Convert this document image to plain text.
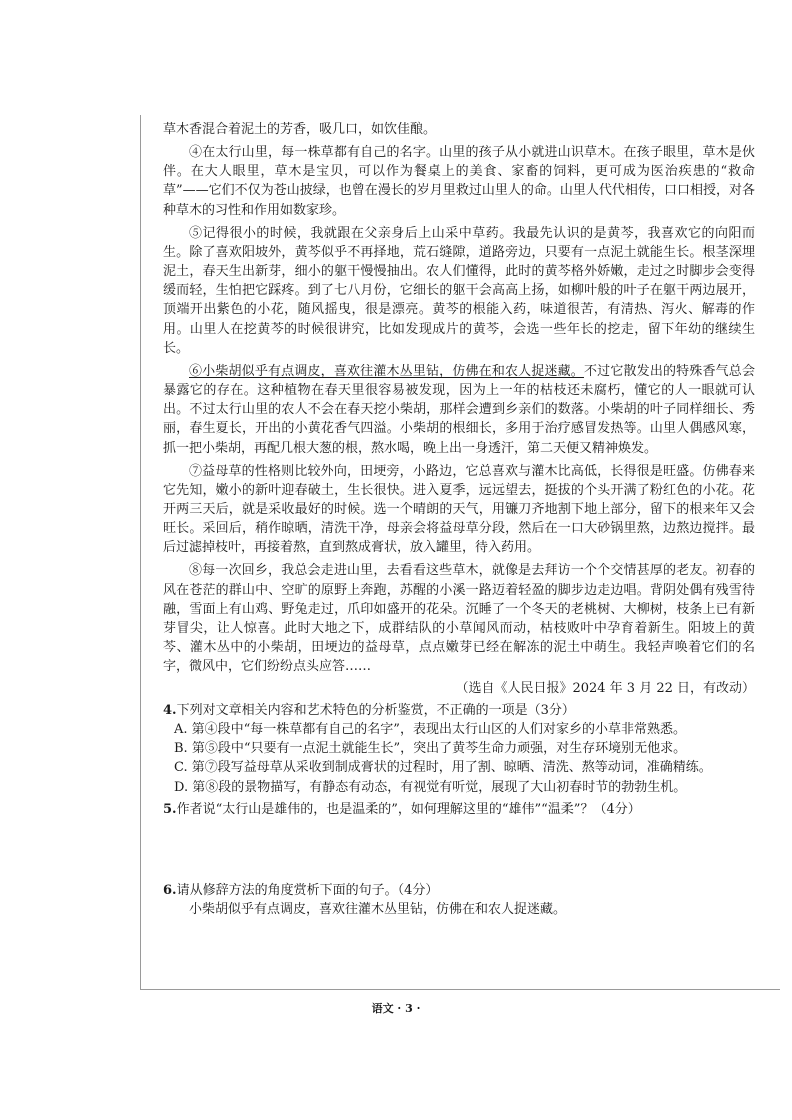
草木香混合着泥土的芳香，吸几口，如饮佳酿。

④在太行山里，每一株草都有自己的名字。山里的孩子从小就进山识草木。在孩子眼里，草木是伙伴。在大人眼里，草木是宝贝，可以作为餐桌上的美食、家畜的饲料，更可成为医治疾患的“救命草”——它们不仅为苍山披绿，也曾在漫长的岁月里救过山里人的命。山里人代代相传，口口相授，对各种草木的习性和作用如数家珍。

⑤记得很小的时候，我就跟在父亲身后上山采中草药。我最先认识的是黄芩，我喜欢它的向阳而生。除了喜欢阳坡外，黄芩似乎不再择地，荒石缝隙，道路旁边，只要有一点泥土就能生长。根茎深埋泥土，春天生出新芽，细小的躯干慢慢抽出。农人们懂得，此时的黄芩格外娇嫩，走过之时脚步会变得缓而轻，生怕把它踩疼。到了七八月份，它细长的躯干会高高上扬，如柳叶般的叶子在躯干两边展开，顶端开出紫色的小花，随风摇曳，很是漂亮。黄芩的根能入药，味道很苦，有清热、泻火、解毒的作用。山里人在挖黄芩的时候很讲究，比如发现成片的黄芩，会选一些年长的挖走，留下年幼的继续生长。

⑥小柴胡似乎有点调皮，喜欢往灌木丛里钻，仿佛在和农人捉迷藏。不过它散发出的特殊香气总会暴露它的存在。这种植物在春天里很容易被发现，因为上一年的枯枝还未腐朽，懂它的人一眼就可认出。不过太行山里的农人不会在春天挖小柴胡，那样会遭到乡亲们的数落。小柴胡的叶子同样细长、秀丽，春生夏长，开出的小黄花香气四溢。小柴胡的根细长，多用于治疗感冒发热等。山里人偶感风寒，抓一把小柴胡，再配几根大葱的根，熬水喝，晚上出一身透汗，第二天便又精神焕发。

⑦益母草的性格则比较外向，田埂旁，小路边，它总喜欢与灌木比高低，长得很是旺盛。仿佛春来它先知，嫩小的新叶迎春破土，生长很快。进入夏季，远远望去，挺拔的个头开满了粉红色的小花。花开两三天后，就是采收最好的时候。选一个晴朗的天气，用镰刀齐地割下地上部分，留下的根来年又会旺长。采回后，稍作晾晒，清洗干净，母亲会将益母草分段，然后在一口大砂锅里熬，边熬边搅拌。最后过滤掉枝叶，再接着熬，直到熬成膏状，放入罐里，待入药用。

⑧每一次回乡，我总会走进山里，去看看这些草木，就像是去拜访一个个交情甚厚的老友。初春的风在苍茫的群山中、空旷的原野上奔跑，苏醒的小溪一路迈着轻盈的脚步边走边唱。背阴处偶有残雪待融，雪面上有山鸡、野兔走过，爪印如盛开的花朵。沉睡了一个冬天的老桃树、大柳树，枝条上已有新芽冒尖，让人惊喜。此时大地之下，成群结队的小草闻风而动，枯枝败叶中孕育着新生。阳坡上的黄芩、灌木丛中的小柴胡，田埂边的益母草，点点嫩芽已经在解冻的泥土中萌生。我轻声唤着它们的名字，微风中，它们纷纷点头应答……

（选自《人民日报》2024 年 3 月 22 日，有改动）

4.下列对文章相关内容和艺术特色的分析鉴赏，不正确的一项是（3分）

A. 第④段中“每一株草都有自己的名字”，表现出太行山区的人们对家乡的小草非常熟悉。

B. 第⑤段中“只要有一点泥土就能生长”，突出了黄芩生命力顽强，对生存环境别无他求。

C. 第⑦段写益母草从采收到制成膏状的过程时，用了割、晾晒、清洗、熬等动词，准确精练。

D. 第⑧段的景物描写，有静态有动态，有视觉有听觉，展现了大山初春时节的勃勃生机。

5.作者说“太行山是雄伟的，也是温柔的”，如何理解这里的“雄伟”“温柔”？（4分）

6.请从修辞方法的角度赏析下面的句子。（4分）

小柴胡似乎有点调皮，喜欢往灌木丛里钻，仿佛在和农人捉迷藏。

语文 · 3 ·
